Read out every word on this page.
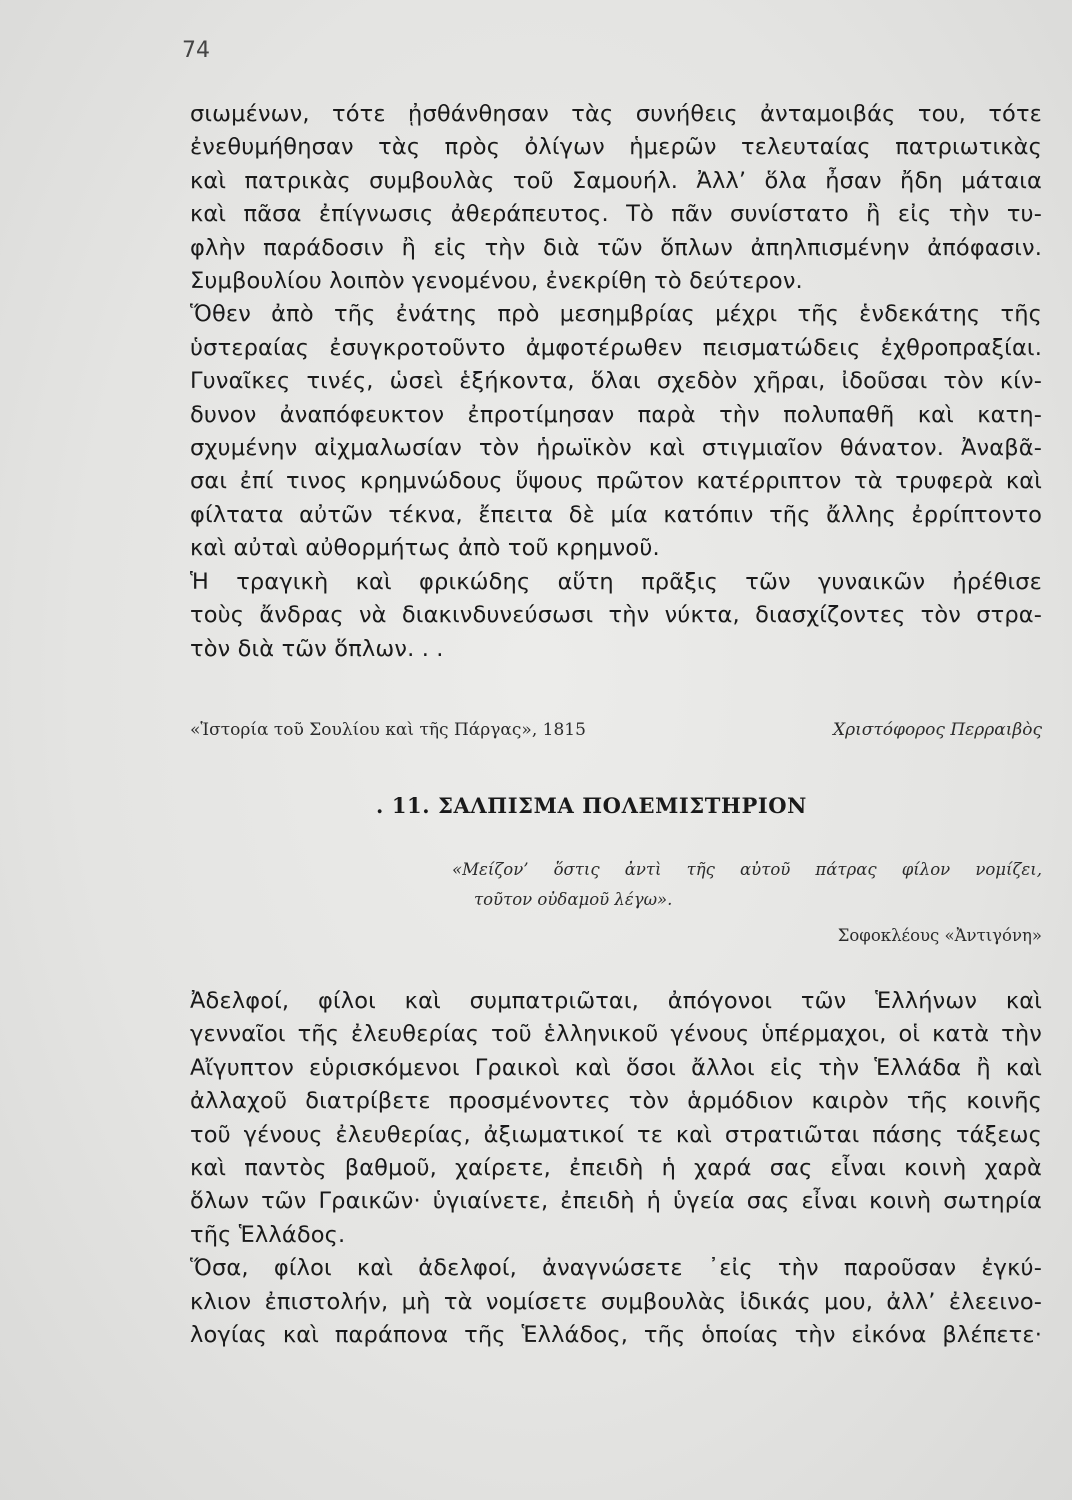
74
σιωμένων, τότε ᾐσθάνθησαν τὰς συνήθεις ἀνταμοιβάς του, τότε
ἐνεθυμήθησαν τὰς πρὸς ὀλίγων ἡμερῶν τελευταίας πατριωτικὰς
καὶ πατρικὰς συμβουλὰς τοῦ Σαμουήλ. Ἀλλ’ ὅλα ἦσαν ἤδη μάταια
καὶ πᾶσα ἐπίγνωσις ἀθεράπευτος. Τὸ πᾶν συνίστατο ἢ εἰς τὴν τυ-
φλὴν παράδοσιν ἢ εἰς τὴν διὰ τῶν ὅπλων ἀπηλπισμένην ἀπόφασιν.
Συμβουλίου λοιπὸν γενομένου, ἐνεκρίθη τὸ δεύτερον.
Ὅθεν ἀπὸ τῆς ἐνάτης πρὸ μεσημβρίας μέχρι τῆς ἑνδεκάτης τῆς
ὑστεραίας ἐσυγκροτοῦντο ἀμφοτέρωθεν πεισματώδεις ἐχθροπραξίαι.
Γυναῖκες τινές, ὡσεὶ ἑξήκοντα, ὅλαι σχεδὸν χῆραι, ἰδοῦσαι τὸν κίν-
δυνον ἀναπόφευκτον ἐπροτίμησαν παρὰ τὴν πολυπαθῆ καὶ κατη-
σχυμένην αἰχμαλωσίαν τὸν ἡρωϊκὸν καὶ στιγμιαῖον θάνατον. Ἀναβᾶ-
σαι ἐπί τινος κρημνώδους ὕψους πρῶτον κατέρριπτον τὰ τρυφερὰ καὶ
φίλτατα αὐτῶν τέκνα, ἔπειτα δὲ μία κατόπιν τῆς ἄλλης ἐρρίπτοντο
καὶ αὐταὶ αὐθορμήτως ἀπὸ τοῦ κρημνοῦ.
Ἡ τραγικὴ καὶ φρικώδης αὕτη πρᾶξις τῶν γυναικῶν ἠρέθισε
τοὺς ἄνδρας νὰ διακινδυνεύσωσι τὴν νύκτα, διασχίζοντες τὸν στρα-
τὸν διὰ τῶν ὅπλων. . .
«Ἱστορία τοῦ Σουλίου καὶ τῆς Πάργας», 1815	Χριστόφορος Περραιβὸς
. 11. ΣΑΛΠΙΣΜΑ ΠΟΛΕΜΙΣΤΗΡΙΟΝ
«Μείζον’ ὅστις ἀντὶ τῆς αὐτοῦ πάτρας φίλον νομίζει,
τοῦτον οὐδαμοῦ λέγω».
Σοφοκλέους «Ἀντιγόνη»
Ἀδελφοί, φίλοι καὶ συμπατριῶται, ἀπόγονοι τῶν Ἑλλήνων καὶ
γενναῖοι τῆς ἐλευθερίας τοῦ ἑλληνικοῦ γένους ὑπέρμαχοι, οἱ κατὰ τὴν
Αἴγυπτον εὑρισκόμενοι Γραικοὶ καὶ ὅσοι ἄλλοι εἰς τὴν Ἑλλάδα ἢ καὶ
ἀλλαχοῦ διατρίβετε προσμένοντες τὸν ἁρμόδιον καιρὸν τῆς κοινῆς
τοῦ γένους ἐλευθερίας, ἀξιωματικοί τε καὶ στρατιῶται πάσης τάξεως
καὶ παντὸς βαθμοῦ, χαίρετε, ἐπειδὴ ἡ χαρά σας εἶναι κοινὴ χαρὰ
ὅλων τῶν Γραικῶν· ὑγιαίνετε, ἐπειδὴ ἡ ὑγεία σας εἶναι κοινὴ σωτηρία
τῆς Ἑλλάδος.
Ὅσα, φίλοι καὶ ἀδελφοί, ἀναγνώσετε ᾽εἰς τὴν παροῦσαν ἐγκύ-
κλιον ἐπιστολήν, μὴ τὰ νομίσετε συμβουλὰς ἰδικάς μου, ἀλλ’ ἐλεεινο-
λογίας καὶ παράπονα τῆς Ἑλλάδος, τῆς ὁποίας τὴν εἰκόνα βλέπετε·
